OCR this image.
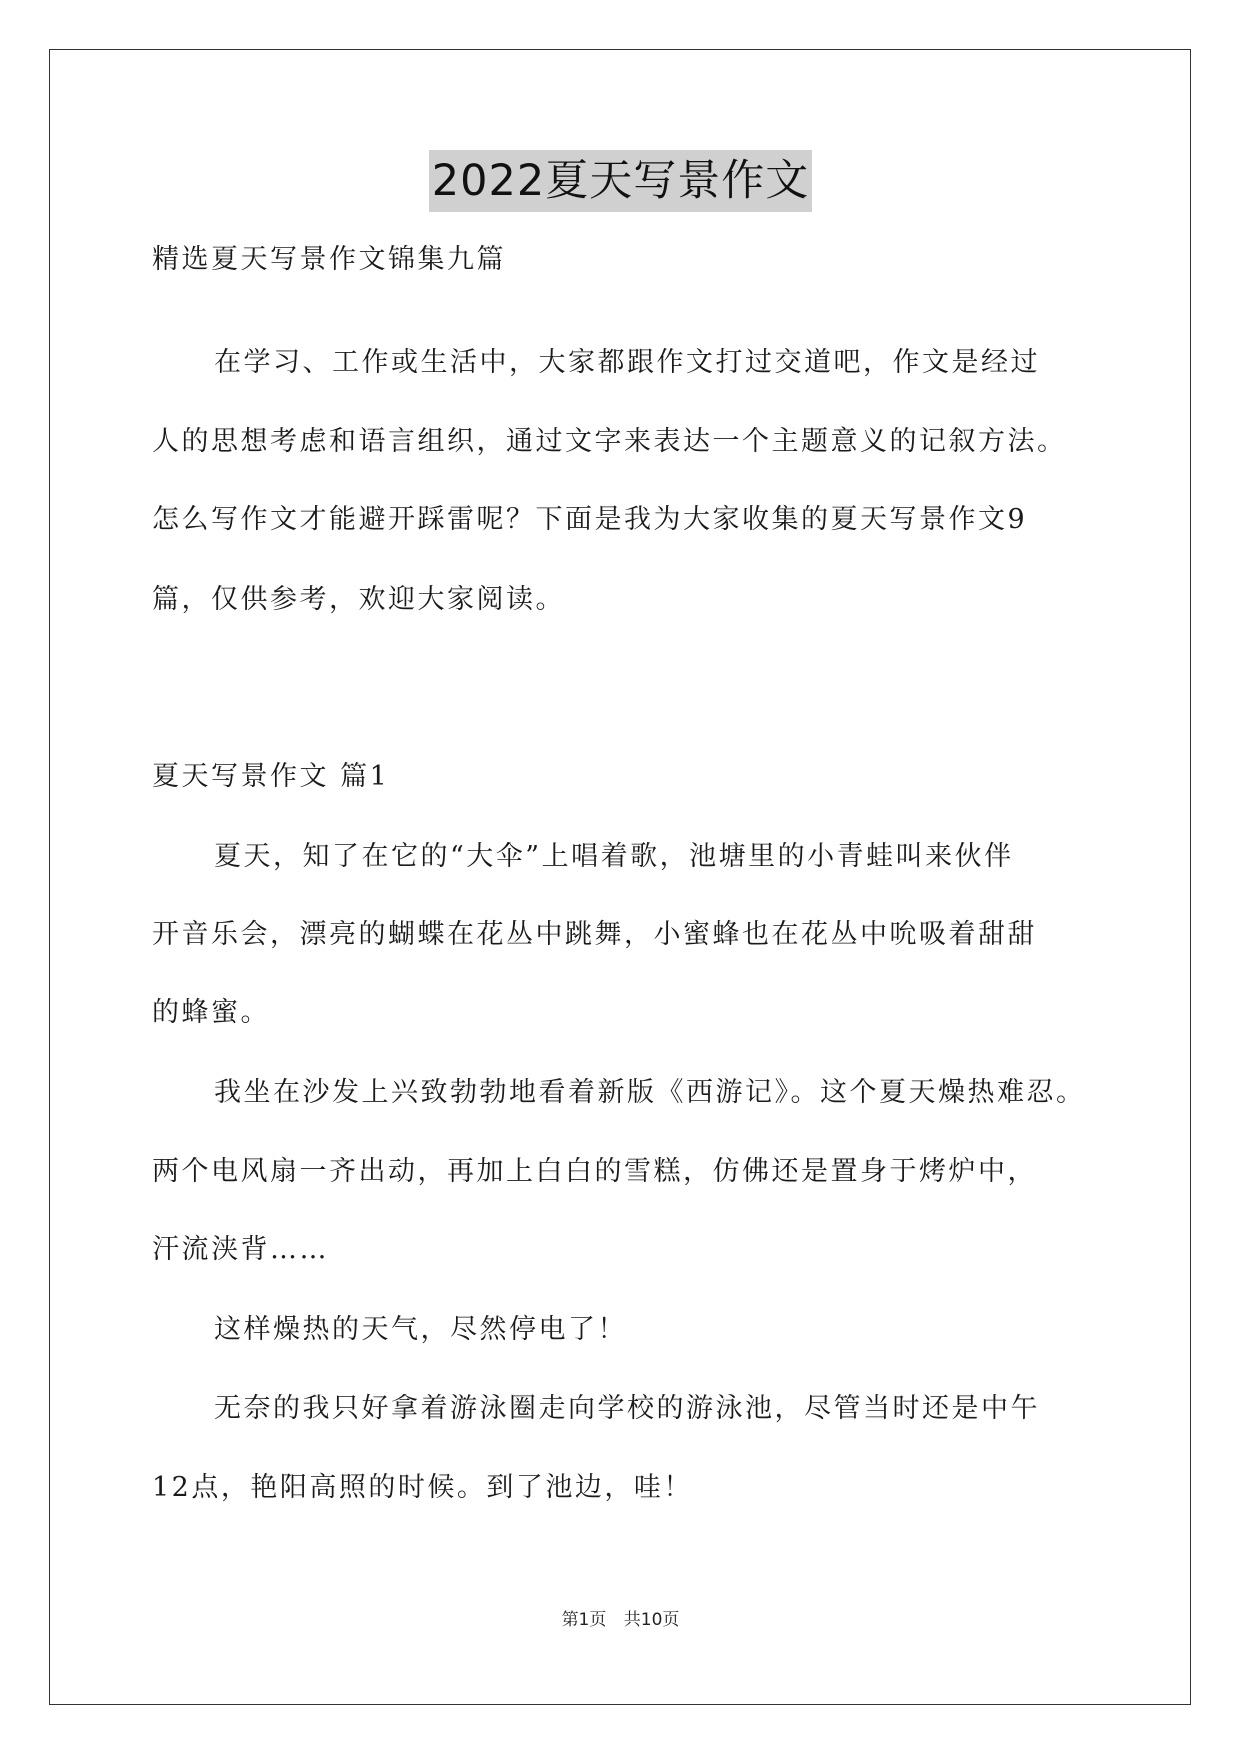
2022夏天写景作文
精选夏天写景作文锦集九篇
在学习、工作或生活中，大家都跟作文打过交道吧，作文是经过
人的思想考虑和语言组织，通过文字来表达一个主题意义的记叙方法。
怎么写作文才能避开踩雷呢？下面是我为大家收集的夏天写景作文9
篇，仅供参考，欢迎大家阅读。
夏天写景作文 篇1
夏天，知了在它的“大伞”上唱着歌，池塘里的小青蛙叫来伙伴
开音乐会，漂亮的蝴蝶在花丛中跳舞，小蜜蜂也在花丛中吮吸着甜甜
的蜂蜜。
我坐在沙发上兴致勃勃地看着新版《西游记》。这个夏天燥热难忍。
两个电风扇一齐出动，再加上白白的雪糕，仿佛还是置身于烤炉中，
汗流浃背……
这样燥热的天气，尽然停电了！
无奈的我只好拿着游泳圈走向学校的游泳池，尽管当时还是中午
12点，艳阳高照的时候。到了池边，哇！
第1页 共10页
